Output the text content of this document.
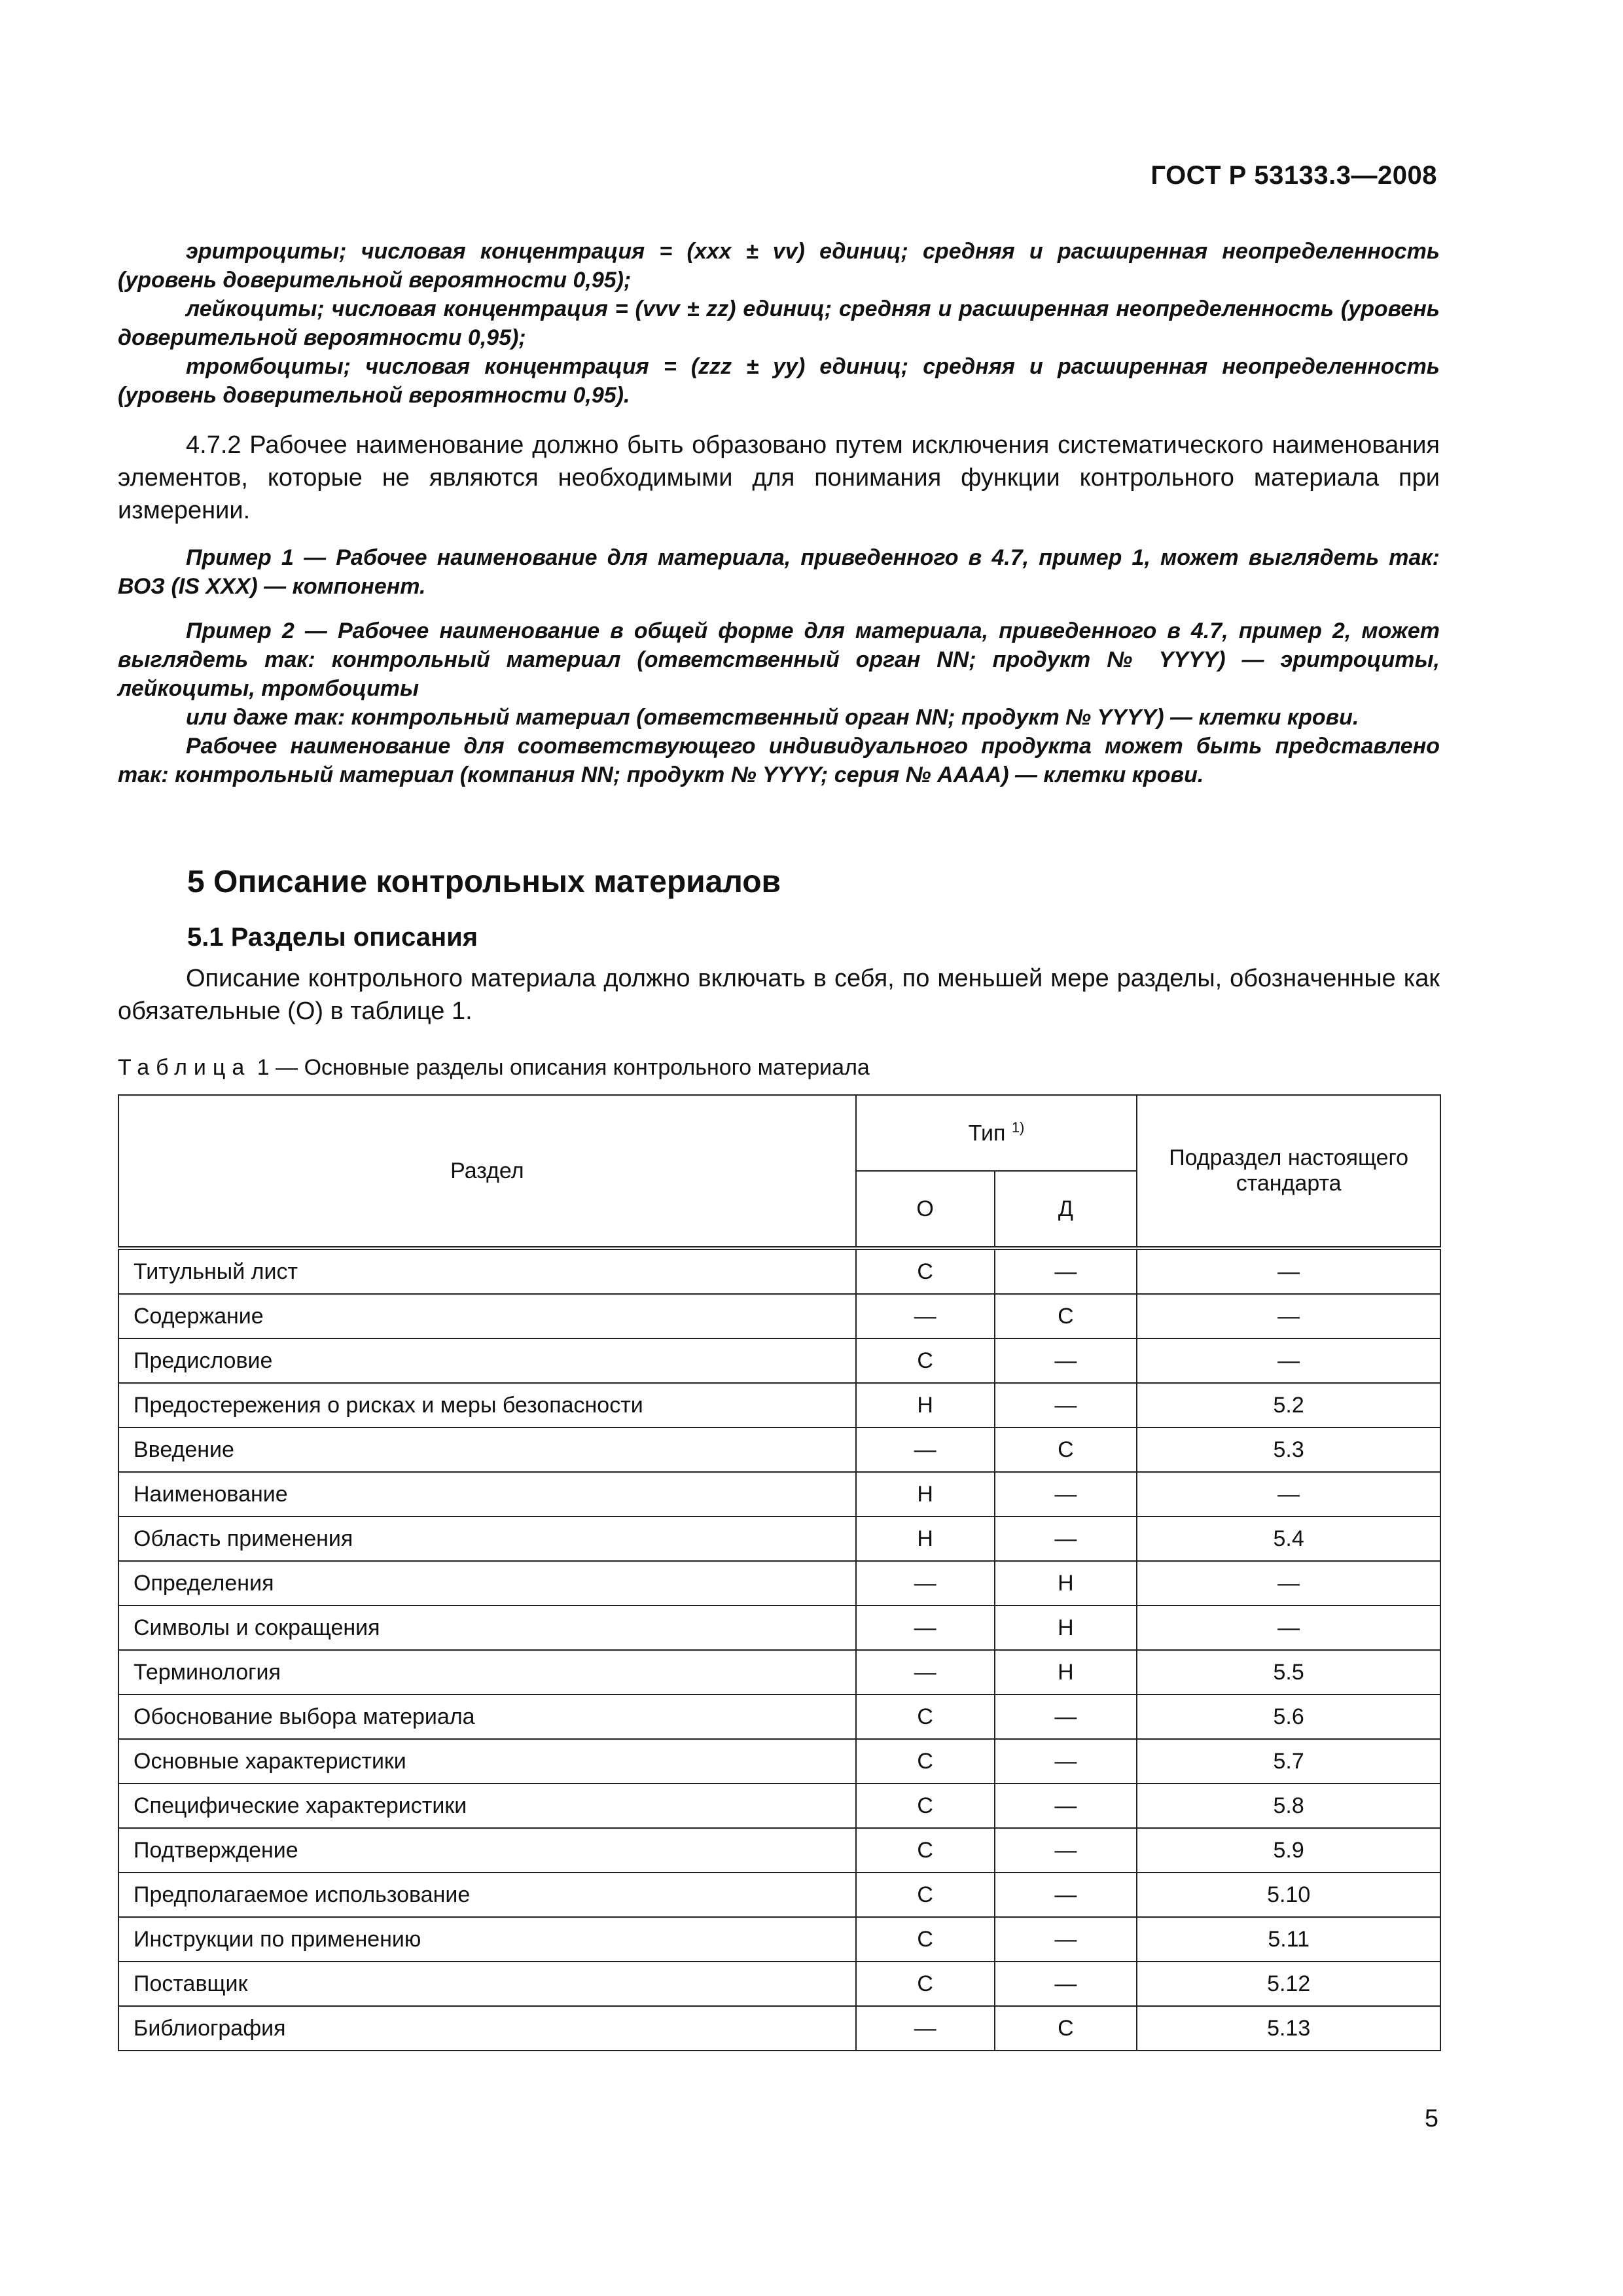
ГОСТ Р 53133.3—2008

эритроциты; числовая концентрация = (xxx ± vv) единиц; средняя и расширенная неопределенность (уровень доверительной вероятности 0,95);

лейкоциты; числовая концентрация = (vvv ± zz) единиц; средняя и расширенная неопределенность (уровень доверительной вероятности 0,95);

тромбоциты; числовая концентрация = (zzz ± yy) единиц; средняя и расширенная неопределенность (уровень доверительной вероятности 0,95).

4.7.2 Рабочее наименование должно быть образовано путем исключения систематического наименования элементов, которые не являются необходимыми для понимания функции контрольного материала при измерении.

Пример 1 — Рабочее наименование для материала, приведенного в 4.7, пример 1, может выглядеть так: ВОЗ (IS XXX) — компонент.

Пример 2 — Рабочее наименование в общей форме для материала, приведенного в 4.7, пример 2, может выглядеть так: контрольный материал (ответственный орган NN; продукт № YYYY) — эритроциты, лейкоциты, тромбоциты

или даже так: контрольный материал (ответственный орган NN; продукт № YYYY) — клетки крови.

Рабочее наименование для соответствующего индивидуального продукта может быть представлено так: контрольный материал (компания NN; продукт № YYYY; серия № AAAA) — клетки крови.

5 Описание контрольных материалов
5.1 Разделы описания

Описание контрольного материала должно включать в себя, по меньшей мере разделы, обозначенные как обязательные (О) в таблице 1.

Таблица 1 — Основные разделы описания контрольного материала
Раздел	Тип $^{1)}$		Подраздел настоящего стандарта
	О	Д	
Титульный лист	С	—	—
Содержание	—	С	—
Предисловие	С	—	—
Предостережения о рисках и меры безопасности	Н	—	5.2
Введение	—	С	5.3
Наименование	Н	—	—
Область применения	Н	—	5.4
Определения	—	Н	—
Символы и сокращения	—	Н	—
Терминология	—	Н	5.5
Обоснование выбора материала	С	—	5.6
Основные характеристики	С	—	5.7
Специфические характеристики	С	—	5.8
Подтверждение	С	—	5.9
Предполагаемое использование	С	—	5.10
Инструкции по применению	С	—	5.11
Поставщик	С	—	5.12
Библиография	—	С	5.13
5
